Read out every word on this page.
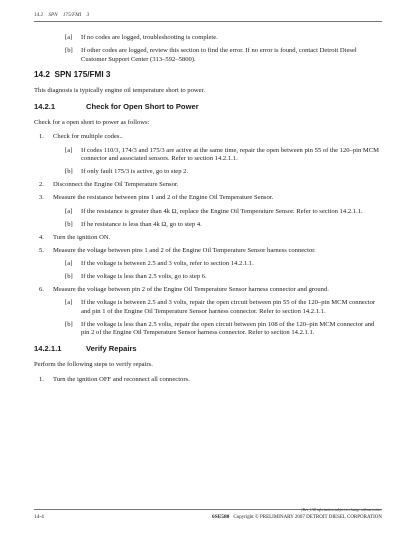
14.2 SPN 175/FMI 3
[a] If no codes are logged, troubleshooting is complete.
[b] If other codes are logged, review this section to find the error. If no error is found, contact Detroit Diesel Customer Support Center (313–592–5800).
14.2 SPN 175/FMI 3
This diagnosis is typically engine oil temperature short to power.
14.2.1	Check for Open Short to Power
Check for a open short to power as follows:
1. Check for multiple codes..
[a] If codes 110/3, 174/3 and 175/3 are active at the same time, repair the open between pin 55 of the 120–pin MCM connector and associated sensors. Refer to section 14.2.1.1.
[b] If only fault 175/3 is active, go to step 2.
2. Disconnect the Engine Oil Temperature Sensor.
3. Measure the resistance between pins 1 and 2 of the Engine Oil Temperature Sensor.
[a] If the resistance is greater than 4k Ω, replace the Engine Oil Temperature Sensor. Refer to section 14.2.1.1.
[b] If he resistance is less than 4k Ω, go to step 4.
4. Turn the ignition ON.
5. Measure the voltage between pins 1 and 2 of the Engine Oil Temperature Sensor harness connector.
[a] If the voltage is between 2.5 and 3 volts, refer to section 14.2.1.1.
[b] If the voltage is less than 2.5 volts, go to step 6.
6. Measure the voltage between pin 2 of the Engine Oil Temperature Sensor harness connector and ground.
[a] If the voltage is between 2.5 and 3 volts, repair the open circuit between pin 55 of the 120–pin MCM connector and pin 1 of the Engine Oil Temperature Sensor harness connector. Refer to section 14.2.1.1.
[b] If the voltage is less than 2.5 volts, repair the open circuit between pin 108 of the 120–pin MCM connector and pin 2 of the Engine Oil Temperature Sensor harness connector. Refer to section 14.2.1.1.
14.2.1.1	Verify Repairs
Perform the following steps to verify repairs.
1. Turn the ignition OFF and reconnect all connectors.
14-4
(Rev. ) All information subject to change without notice.
6SE580 Copyright © PRELIMINARY 2007 DETROIT DIESEL CORPORATION
